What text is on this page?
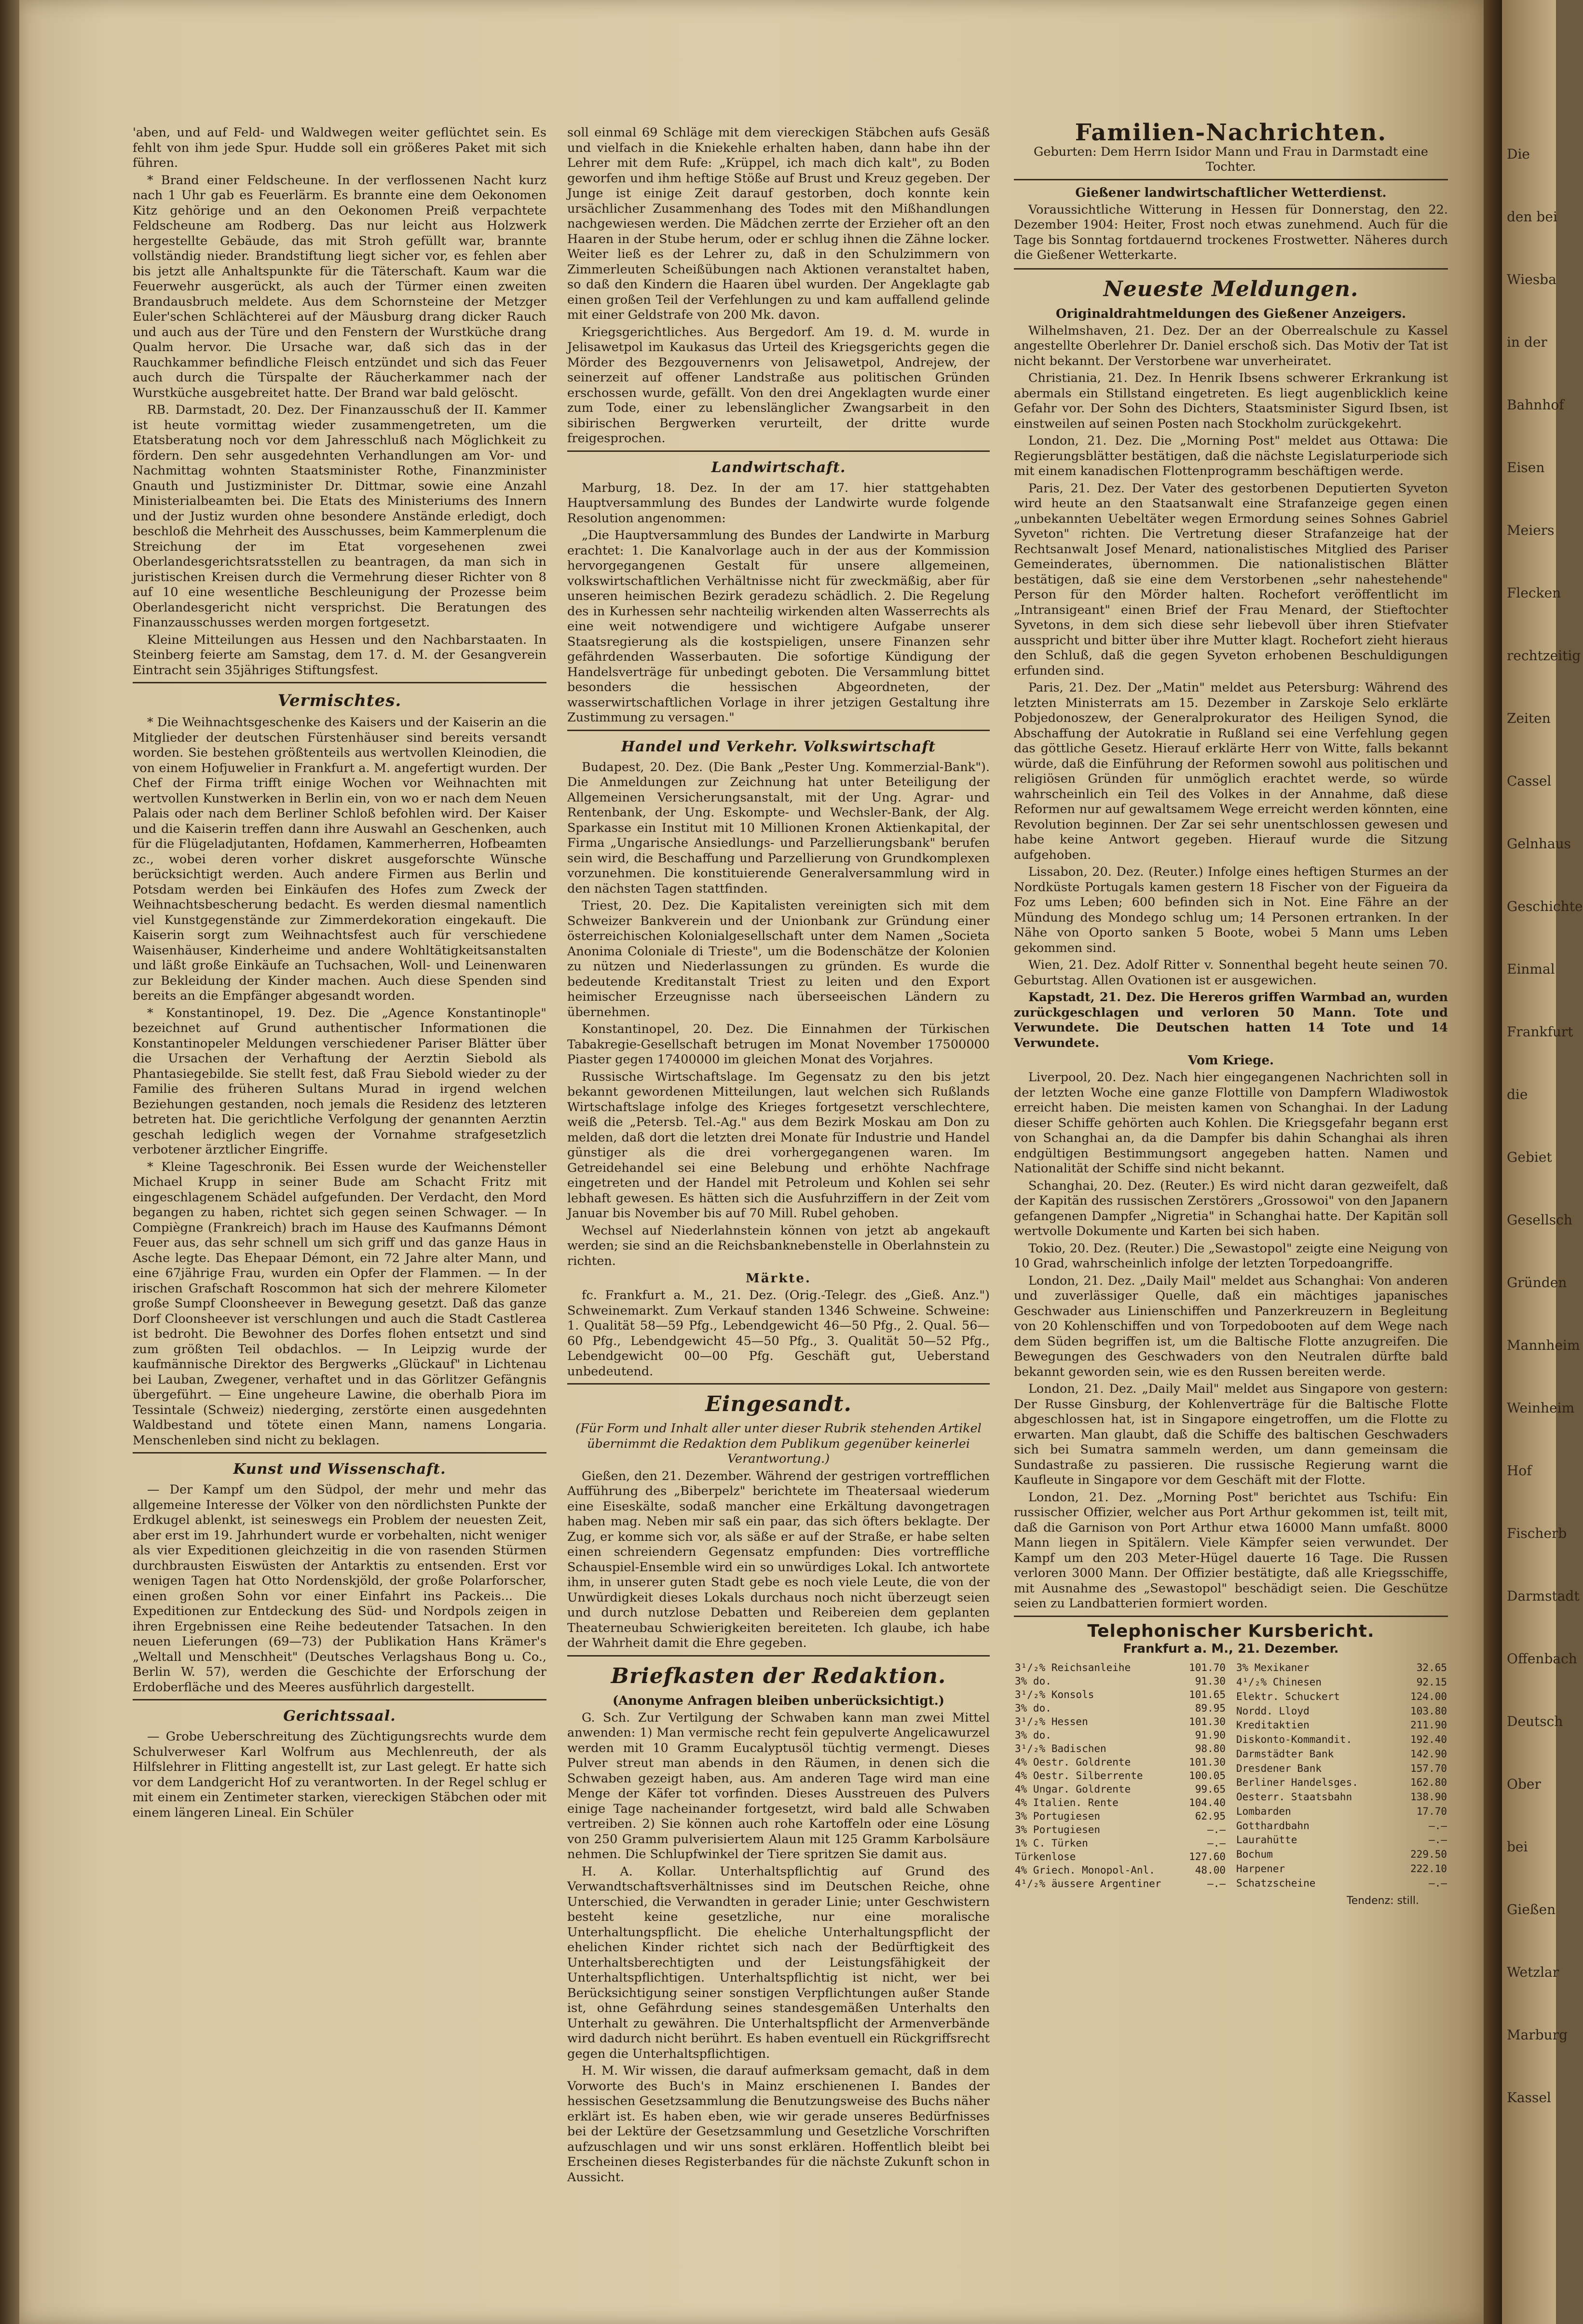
'aben, und auf Feld- und Waldwegen weiter geflüchtet sein. Es fehlt von ihm jede Spur. Hudde soll ein größeres Paket mit sich führen.

* Brand einer Feldscheune. In der verflossenen Nacht kurz nach 1 Uhr gab es Feuerlärm. Es brannte eine dem Oekonomen Kitz gehörige und an den Oekonomen Preiß verpachtete Feldscheune am Rodberg. Das nur leicht aus Holzwerk hergestellte Gebäude, das mit Stroh gefüllt war, brannte vollständig nieder. Brandstiftung liegt sicher vor, es fehlen aber bis jetzt alle Anhaltspunkte für die Täterschaft. Kaum war die Feuerwehr ausgerückt, als auch der Türmer einen zweiten Brandausbruch meldete. Aus dem Schornsteine der Metzger Euler'schen Schlächterei auf der Mäusburg drang dicker Rauch und auch aus der Türe und den Fenstern der Wurstküche drang Qualm hervor. Die Ursache war, daß sich das in der Rauchkammer befindliche Fleisch entzündet und sich das Feuer auch durch die Türspalte der Räucherkammer nach der Wurstküche ausgebreitet hatte. Der Brand war bald gelöscht.

RB. Darmstadt, 20. Dez. Der Finanzausschuß der II. Kammer ist heute vormittag wieder zusammengetreten, um die Etatsberatung noch vor dem Jahresschluß nach Möglichkeit zu fördern. Den sehr ausgedehnten Verhandlungen am Vor- und Nachmittag wohnten Staatsminister Rothe, Finanzminister Gnauth und Justizminister Dr. Dittmar, sowie eine Anzahl Ministerialbeamten bei. Die Etats des Ministeriums des Innern und der Justiz wurden ohne besondere Anstände erledigt, doch beschloß die Mehrheit des Ausschusses, beim Kammerplenum die Streichung der im Etat vorgesehenen zwei Oberlandesgerichtsratsstellen zu beantragen, da man sich in juristischen Kreisen durch die Vermehrung dieser Richter von 8 auf 10 eine wesentliche Beschleunigung der Prozesse beim Oberlandesgericht nicht versprichst. Die Beratungen des Finanzausschusses werden morgen fortgesetzt.

Kleine Mitteilungen aus Hessen und den Nachbarstaaten. In Steinberg feierte am Samstag, dem 17. d. M. der Gesangverein Eintracht sein 35jähriges Stiftungsfest.

Vermischtes.

* Die Weihnachtsgeschenke des Kaisers und der Kaiserin an die Mitglieder der deutschen Fürstenhäuser sind bereits versandt worden. Sie bestehen größtenteils aus wertvollen Kleinodien, die von einem Hofjuwelier in Frankfurt a. M. angefertigt wurden. Der Chef der Firma trifft einige Wochen vor Weihnachten mit wertvollen Kunstwerken in Berlin ein, von wo er nach dem Neuen Palais oder nach dem Berliner Schloß befohlen wird. Der Kaiser und die Kaiserin treffen dann ihre Auswahl an Geschenken, auch für die Flügeladjutanten, Hofdamen, Kammerherren, Hofbeamten zc., wobei deren vorher diskret ausgeforschte Wünsche berücksichtigt werden. Auch andere Firmen aus Berlin und Potsdam werden bei Einkäufen des Hofes zum Zweck der Weihnachtsbescherung bedacht. Es werden diesmal namentlich viel Kunstgegenstände zur Zimmerdekoration eingekauft. Die Kaiserin sorgt zum Weihnachtsfest auch für verschiedene Waisenhäuser, Kinderheime und andere Wohltätigkeitsanstalten und läßt große Einkäufe an Tuchsachen, Woll- und Leinenwaren zur Bekleidung der Kinder machen. Auch diese Spenden sind bereits an die Empfänger abgesandt worden.

* Konstantinopel, 19. Dez. Die „Agence Konstantinople" bezeichnet auf Grund authentischer Informationen die Konstantinopeler Meldungen verschiedener Pariser Blätter über die Ursachen der Verhaftung der Aerztin Siebold als Phantasiegebilde. Sie stellt fest, daß Frau Siebold wieder zu der Familie des früheren Sultans Murad in irgend welchen Beziehungen gestanden, noch jemals die Residenz des letzteren betreten hat. Die gerichtliche Verfolgung der genannten Aerztin geschah lediglich wegen der Vornahme strafgesetzlich verbotener ärztlicher Eingriffe.

* Kleine Tageschronik. Bei Essen wurde der Weichensteller Michael Krupp in seiner Bude am Schacht Fritz mit eingeschlagenem Schädel aufgefunden. Der Verdacht, den Mord begangen zu haben, richtet sich gegen seinen Schwager. — In Compiègne (Frankreich) brach im Hause des Kaufmanns Démont Feuer aus, das sehr schnell um sich griff und das ganze Haus in Asche legte. Das Ehepaar Démont, ein 72 Jahre alter Mann, und eine 67jährige Frau, wurden ein Opfer der Flammen. — In der irischen Grafschaft Roscommon hat sich der mehrere Kilometer große Sumpf Cloonsheever in Bewegung gesetzt. Daß das ganze Dorf Cloonsheever ist verschlungen und auch die Stadt Castlerea ist bedroht. Die Bewohner des Dorfes flohen entsetzt und sind zum größten Teil obdachlos. — In Leipzig wurde der kaufmännische Direktor des Bergwerks „Glückauf" in Lichtenau bei Lauban, Zwegener, verhaftet und in das Görlitzer Gefängnis übergeführt. — Eine ungeheure Lawine, die oberhalb Piora im Tessintale (Schweiz) niederging, zerstörte einen ausgedehnten Waldbestand und tötete einen Mann, namens Longaria. Menschenleben sind nicht zu beklagen.

Kunst und Wissenschaft.

— Der Kampf um den Südpol, der mehr und mehr das allgemeine Interesse der Völker von den nördlichsten Punkte der Erdkugel ablenkt, ist seineswegs ein Problem der neuesten Zeit, aber erst im 19. Jahrhundert wurde er vorbehalten, nicht weniger als vier Expeditionen gleichzeitig in die von rasenden Stürmen durchbrausten Eiswüsten der Antarktis zu entsenden. Erst vor wenigen Tagen hat Otto Nordenskjöld, der große Polarforscher, einen großen Sohn vor einer Einfahrt ins Packeis... Die Expeditionen zur Entdeckung des Süd- und Nordpols zeigen in ihren Ergebnissen eine Reihe bedeutender Tatsachen. In den neuen Lieferungen (69—73) der Publikation Hans Krämer's „Weltall und Menschheit" (Deutsches Verlagshaus Bong u. Co., Berlin W. 57), werden die Geschichte der Erforschung der Erdoberfläche und des Meeres ausführlich dargestellt.

Gerichtssaal.

— Grobe Ueberschreitung des Züchtigungsrechts wurde dem Schulverweser Karl Wolfrum aus Mechlenreuth, der als Hilfslehrer in Flitting angestellt ist, zur Last gelegt. Er hatte sich vor dem Landgericht Hof zu verantworten. In der Regel schlug er mit einem ein Zentimeter starken, viereckigen Stäbchen oder mit einem längeren Lineal. Ein Schüler

soll einmal 69 Schläge mit dem viereckigen Stäbchen aufs Gesäß und vielfach in die Kniekehle erhalten haben, dann habe ihn der Lehrer mit dem Rufe: „Krüppel, ich mach dich kalt", zu Boden geworfen und ihm heftige Stöße auf Brust und Kreuz gegeben. Der Junge ist einige Zeit darauf gestorben, doch konnte kein ursächlicher Zusammenhang des Todes mit den Mißhandlungen nachgewiesen werden. Die Mädchen zerrte der Erzieher oft an den Haaren in der Stube herum, oder er schlug ihnen die Zähne locker. Weiter ließ es der Lehrer zu, daß in den Schulzimmern von Zimmerleuten Scheißübungen nach Aktionen veranstaltet haben, so daß den Kindern die Haaren übel wurden. Der Angeklagte gab einen großen Teil der Verfehlungen zu und kam auffallend gelinde mit einer Geldstrafe von 200 Mk. davon.

Kriegsgerichtliches. Aus Bergedorf. Am 19. d. M. wurde in Jelisawetpol im Kaukasus das Urteil des Kriegsgerichts gegen die Mörder des Bezgouvernenrs von Jelisawetpol, Andrejew, der seinerzeit auf offener Landstraße aus politischen Gründen erschossen wurde, gefällt. Von den drei Angeklagten wurde einer zum Tode, einer zu lebenslänglicher Zwangsarbeit in den sibirischen Bergwerken verurteilt, der dritte wurde freigesprochen.

Landwirtschaft.

Marburg, 18. Dez. In der am 17. hier stattgehabten Hauptversammlung des Bundes der Landwirte wurde folgende Resolution angenommen:

„Die Hauptversammlung des Bundes der Landwirte in Marburg erachtet: 1. Die Kanalvorlage auch in der aus der Kommission hervorgegangenen Gestalt für unsere allgemeinen, volkswirtschaftlichen Verhältnisse nicht für zweckmäßig, aber für unseren heimischen Bezirk geradezu schädlich. 2. Die Regelung des in Kurhessen sehr nachteilig wirkenden alten Wasserrechts als eine weit notwendigere und wichtigere Aufgabe unserer Staatsregierung als die kostspieligen, unsere Finanzen sehr gefährdenden Wasserbauten. Die sofortige Kündigung der Handelsverträge für unbedingt geboten. Die Versammlung bittet besonders die hessischen Abgeordneten, der wasserwirtschaftlichen Vorlage in ihrer jetzigen Gestaltung ihre Zustimmung zu versagen."

Handel und Verkehr. Volkswirtschaft

Budapest, 20. Dez. (Die Bank „Pester Ung. Kommerzial-Bank"). Die Anmeldungen zur Zeichnung hat unter Beteiligung der Allgemeinen Versicherungsanstalt, mit der Ung. Agrar- und Rentenbank, der Ung. Eskompte- und Wechsler-Bank, der Alg. Sparkasse ein Institut mit 10 Millionen Kronen Aktienkapital, der Firma „Ungarische Ansiedlungs- und Parzellierungsbank" berufen sein wird, die Beschaffung und Parzellierung von Grundkomplexen vorzunehmen. Die konstituierende Generalversammlung wird in den nächsten Tagen stattfinden.

Triest, 20. Dez. Die Kapitalisten vereinigten sich mit dem Schweizer Bankverein und der Unionbank zur Gründung einer österreichischen Kolonialgesellschaft unter dem Namen „Societa Anonima Coloniale di Trieste", um die Bodenschätze der Kolonien zu nützen und Niederlassungen zu gründen. Es wurde die bedeutende Kreditanstalt Triest zu leiten und den Export heimischer Erzeugnisse nach überseeischen Ländern zu übernehmen.

Konstantinopel, 20. Dez. Die Einnahmen der Türkischen Tabakregie-Gesellschaft betrugen im Monat November 17500000 Piaster gegen 17400000 im gleichen Monat des Vorjahres.

Russische Wirtschaftslage. Im Gegensatz zu den bis jetzt bekannt gewordenen Mitteilungen, laut welchen sich Rußlands Wirtschaftslage infolge des Krieges fortgesetzt verschlechtere, weiß die „Petersb. Tel.-Ag." aus dem Bezirk Moskau am Don zu melden, daß dort die letzten drei Monate für Industrie und Handel günstiger als die drei vorhergegangenen waren. Im Getreidehandel sei eine Belebung und erhöhte Nachfrage eingetreten und der Handel mit Petroleum und Kohlen sei sehr lebhaft gewesen. Es hätten sich die Ausfuhrziffern in der Zeit vom Januar bis November bis auf 70 Mill. Rubel gehoben.

Wechsel auf Niederlahnstein können von jetzt ab angekauft werden; sie sind an die Reichsbanknebenstelle in Oberlahnstein zu richten.

Märkte.

fc. Frankfurt a. M., 21. Dez. (Orig.-Telegr. des „Gieß. Anz.") Schweinemarkt. Zum Verkauf standen 1346 Schweine. Schweine: 1. Qualität 58—59 Pfg., Lebendgewicht 46—50 Pfg., 2. Qual. 56—60 Pfg., Lebendgewicht 45—50 Pfg., 3. Qualität 50—52 Pfg., Lebendgewicht 00—00 Pfg. Geschäft gut, Ueberstand unbedeutend.

Eingesandt.

(Für Form und Inhalt aller unter dieser Rubrik stehenden Artikel übernimmt die Redaktion dem Publikum gegenüber keinerlei Verantwortung.)

Gießen, den 21. Dezember. Während der gestrigen vortrefflichen Aufführung des „Biberpelz" berichtete im Theatersaal wiederum eine Eiseskälte, sodaß mancher eine Erkältung davongetragen haben mag. Neben mir saß ein paar, das sich öfters beklagte. Der Zug, er komme sich vor, als säße er auf der Straße, er habe selten einen schreiendern Gegensatz empfunden: Dies vortreffliche Schauspiel-Ensemble wird ein so unwürdiges Lokal. Ich antwortete ihm, in unserer guten Stadt gebe es noch viele Leute, die von der Unwürdigkeit dieses Lokals durchaus noch nicht überzeugt seien und durch nutzlose Debatten und Reibereien dem geplanten Theaterneubau Schwierigkeiten bereiteten. Ich glaube, ich habe der Wahrheit damit die Ehre gegeben.

Briefkasten der Redaktion.
(Anonyme Anfragen bleiben unberücksichtigt.)

G. Sch. Zur Vertilgung der Schwaben kann man zwei Mittel anwenden: 1) Man vermische recht fein gepulverte Angelicawurzel werden mit 10 Gramm Eucalyptusöl tüchtig vermengt. Dieses Pulver streut man abends in den Räumen, in denen sich die Schwaben gezeigt haben, aus. Am anderen Tage wird man eine Menge der Käfer tot vorfinden. Dieses Ausstreuen des Pulvers einige Tage nacheinander fortgesetzt, wird bald alle Schwaben vertreiben. 2) Sie können auch rohe Kartoffeln oder eine Lösung von 250 Gramm pulverisiertem Alaun mit 125 Gramm Karbolsäure nehmen. Die Schlupfwinkel der Tiere spritzen Sie damit aus.

H. A. Kollar. Unterhaltspflichtig auf Grund des Verwandtschaftsverhältnisses sind im Deutschen Reiche, ohne Unterschied, die Verwandten in gerader Linie; unter Geschwistern besteht keine gesetzliche, nur eine moralische Unterhaltungspflicht. Die eheliche Unterhaltungspflicht der ehelichen Kinder richtet sich nach der Bedürftigkeit des Unterhaltsberechtigten und der Leistungsfähigkeit der Unterhaltspflichtigen. Unterhaltspflichtig ist nicht, wer bei Berücksichtigung seiner sonstigen Verpflichtungen außer Stande ist, ohne Gefährdung seines standesgemäßen Unterhalts den Unterhalt zu gewähren. Die Unterhaltspflicht der Armenverbände wird dadurch nicht berührt. Es haben eventuell ein Rückgriffsrecht gegen die Unterhaltspflichtigen.

H. M. Wir wissen, die darauf aufmerksam gemacht, daß in dem Vorworte des Buch's in Mainz erschienenen I. Bandes der hessischen Gesetzsammlung die Benutzungsweise des Buchs näher erklärt ist. Es haben eben, wie wir gerade unseres Bedürfnisses bei der Lektüre der Gesetzsammlung und Gesetzliche Vorschriften aufzuschlagen und wir uns sonst erklären. Hoffentlich bleibt bei Erscheinen dieses Registerbandes für die nächste Zukunft schon in Aussicht.

Familien-Nachrichten.

Geburten: Dem Herrn Isidor Mann und Frau in Darmstadt eine Tochter.

Gießener landwirtschaftlicher Wetterdienst.

Voraussichtliche Witterung in Hessen für Donnerstag, den 22. Dezember 1904: Heiter, Frost noch etwas zunehmend. Auch für die Tage bis Sonntag fortdauernd trockenes Frostwetter. Näheres durch die Gießener Wetterkarte.

Neueste Meldungen.
Originaldrahtmeldungen des Gießener Anzeigers.

Wilhelmshaven, 21. Dez. Der an der Oberrealschule zu Kassel angestellte Oberlehrer Dr. Daniel erschoß sich. Das Motiv der Tat ist nicht bekannt. Der Verstorbene war unverheiratet.

Christiania, 21. Dez. In Henrik Ibsens schwerer Erkrankung ist abermals ein Stillstand eingetreten. Es liegt augenblicklich keine Gefahr vor. Der Sohn des Dichters, Staatsminister Sigurd Ibsen, ist einstweilen auf seinen Posten nach Stockholm zurückgekehrt.

London, 21. Dez. Die „Morning Post" meldet aus Ottawa: Die Regierungsblätter bestätigen, daß die nächste Legislaturperiode sich mit einem kanadischen Flottenprogramm beschäftigen werde.

Paris, 21. Dez. Der Vater des gestorbenen Deputierten Syveton wird heute an den Staatsanwalt eine Strafanzeige gegen einen „unbekannten Uebeltäter wegen Ermordung seines Sohnes Gabriel Syveton" richten. Die Vertretung dieser Strafanzeige hat der Rechtsanwalt Josef Menard, nationalistisches Mitglied des Pariser Gemeinderates, übernommen. Die nationalistischen Blätter bestätigen, daß sie eine dem Verstorbenen „sehr nahestehende" Person für den Mörder halten. Rochefort veröffentlicht im „Intransigeant" einen Brief der Frau Menard, der Stieftochter Syvetons, in dem sich diese sehr liebevoll über ihren Stiefvater ausspricht und bitter über ihre Mutter klagt. Rochefort zieht hieraus den Schluß, daß die gegen Syveton erhobenen Beschuldigungen erfunden sind.

Paris, 21. Dez. Der „Matin" meldet aus Petersburg: Während des letzten Ministerrats am 15. Dezember in Zarskoje Selo erklärte Pobjedonoszew, der Generalprokurator des Heiligen Synod, die Abschaffung der Autokratie in Rußland sei eine Verfehlung gegen das göttliche Gesetz. Hierauf erklärte Herr von Witte, falls bekannt würde, daß die Einführung der Reformen sowohl aus politischen und religiösen Gründen für unmöglich erachtet werde, so würde wahrscheinlich ein Teil des Volkes in der Annahme, daß diese Reformen nur auf gewaltsamem Wege erreicht werden könnten, eine Revolution beginnen. Der Zar sei sehr unentschlossen gewesen und habe keine Antwort gegeben. Hierauf wurde die Sitzung aufgehoben.

Lissabon, 20. Dez. (Reuter.) Infolge eines heftigen Sturmes an der Nordküste Portugals kamen gestern 18 Fischer von der Figueira da Foz ums Leben; 600 befinden sich in Not. Eine Fähre an der Mündung des Mondego schlug um; 14 Personen ertranken. In der Nähe von Oporto sanken 5 Boote, wobei 5 Mann ums Leben gekommen sind.

Wien, 21. Dez. Adolf Ritter v. Sonnenthal begeht heute seinen 70. Geburtstag. Allen Ovationen ist er ausgewichen.

Kapstadt, 21. Dez. Die Hereros griffen Warmbad an, wurden zurückgeschlagen und verloren 50 Mann. Tote und Verwundete. Die Deutschen hatten 14 Tote und 14 Verwundete.

Vom Kriege.

Liverpool, 20. Dez. Nach hier eingegangenen Nachrichten soll in der letzten Woche eine ganze Flottille von Dampfern Wladiwostok erreicht haben. Die meisten kamen von Schanghai. In der Ladung dieser Schiffe gehörten auch Kohlen. Die Kriegsgefahr begann erst von Schanghai an, da die Dampfer bis dahin Schanghai als ihren endgültigen Bestimmungsort angegeben hatten. Namen und Nationalität der Schiffe sind nicht bekannt.

Schanghai, 20. Dez. (Reuter.) Es wird nicht daran gezweifelt, daß der Kapitän des russischen Zerstörers „Grossowoi" von den Japanern gefangenen Dampfer „Nigretia" in Schanghai hatte. Der Kapitän soll wertvolle Dokumente und Karten bei sich haben.

Tokio, 20. Dez. (Reuter.) Die „Sewastopol" zeigte eine Neigung von 10 Grad, wahrscheinlich infolge der letzten Torpedoangriffe.

London, 21. Dez. „Daily Mail" meldet aus Schanghai: Von anderen und zuverlässiger Quelle, daß ein mächtiges japanisches Geschwader aus Linienschiffen und Panzerkreuzern in Begleitung von 20 Kohlenschiffen und von Torpedobooten auf dem Wege nach dem Süden begriffen ist, um die Baltische Flotte anzugreifen. Die Bewegungen des Geschwaders von den Neutralen dürfte bald bekannt geworden sein, wie es den Russen bereiten werde.

London, 21. Dez. „Daily Mail" meldet aus Singapore von gestern: Der Russe Ginsburg, der Kohlenverträge für die Baltische Flotte abgeschlossen hat, ist in Singapore eingetroffen, um die Flotte zu erwarten. Man glaubt, daß die Schiffe des baltischen Geschwaders sich bei Sumatra sammeln werden, um dann gemeinsam die Sundastraße zu passieren. Die russische Regierung warnt die Kaufleute in Singapore vor dem Geschäft mit der Flotte.

London, 21. Dez. „Morning Post" berichtet aus Tschifu: Ein russischer Offizier, welcher aus Port Arthur gekommen ist, teilt mit, daß die Garnison von Port Arthur etwa 16000 Mann umfaßt. 8000 Mann liegen in Spitälern. Viele Kämpfer seien verwundet. Der Kampf um den 203 Meter-Hügel dauerte 16 Tage. Die Russen verloren 3000 Mann. Der Offizier bestätigte, daß alle Kriegsschiffe, mit Ausnahme des „Sewastopol" beschädigt seien. Die Geschütze seien zu Landbatterien formiert worden.

Telephonischer Kursbericht.
Frankfurt a. M., 21. Dezember.
3¹/₂% Reichsanleihe	101.70
3% do.	91.30
3¹/₂% Konsols	101.65
3% do.	89.95
3¹/₂% Hessen	101.30
3% do.	91.90
3¹/₂% Badischen	98.80
4% Oestr. Goldrente	101.30
4% Oestr. Silberrente	100.05
4% Ungar. Goldrente	99.65
4% Italien. Rente	104.40
3% Portugiesen	62.95
3% Portugiesen	—.—
1% C. Türken	—.—
Türkenlose	127.60
4% Griech. Monopol-Anl.	48.00
4¹/₂% äussere Argentiner	—.—
3% Mexikaner	32.65
4¹/₂% Chinesen	92.15
Elektr. Schuckert	124.00
Nordd. Lloyd	103.80
Kreditaktien	211.90
Diskonto-Kommandit.	192.40
Darmstädter Bank	142.90
Dresdener Bank	157.70
Berliner Handelsges.	162.80
Oesterr. Staatsbahn	138.90
Lombarden	17.70
Gotthardbahn	—.—
Laurahütte	—.—
Bochum	229.50
Harpener	222.10
Schatzscheine	—.—
Tendenz: still.
Die
den bei
Wiesba
in der
Bahnhof
Eisen
Meiers
Flecken
rechtzeitig
Zeiten
Cassel
Gelnhaus
Geschichte
Einmal
Frankfurt
die
Gebiet
Gesellsch
Gründen
Mannheim
Weinheim
Hof
Fischerb
Darmstadt
Offenbach
Deutsch
Ober
bei
Gießen
Wetzlar
Marburg
Kassel
